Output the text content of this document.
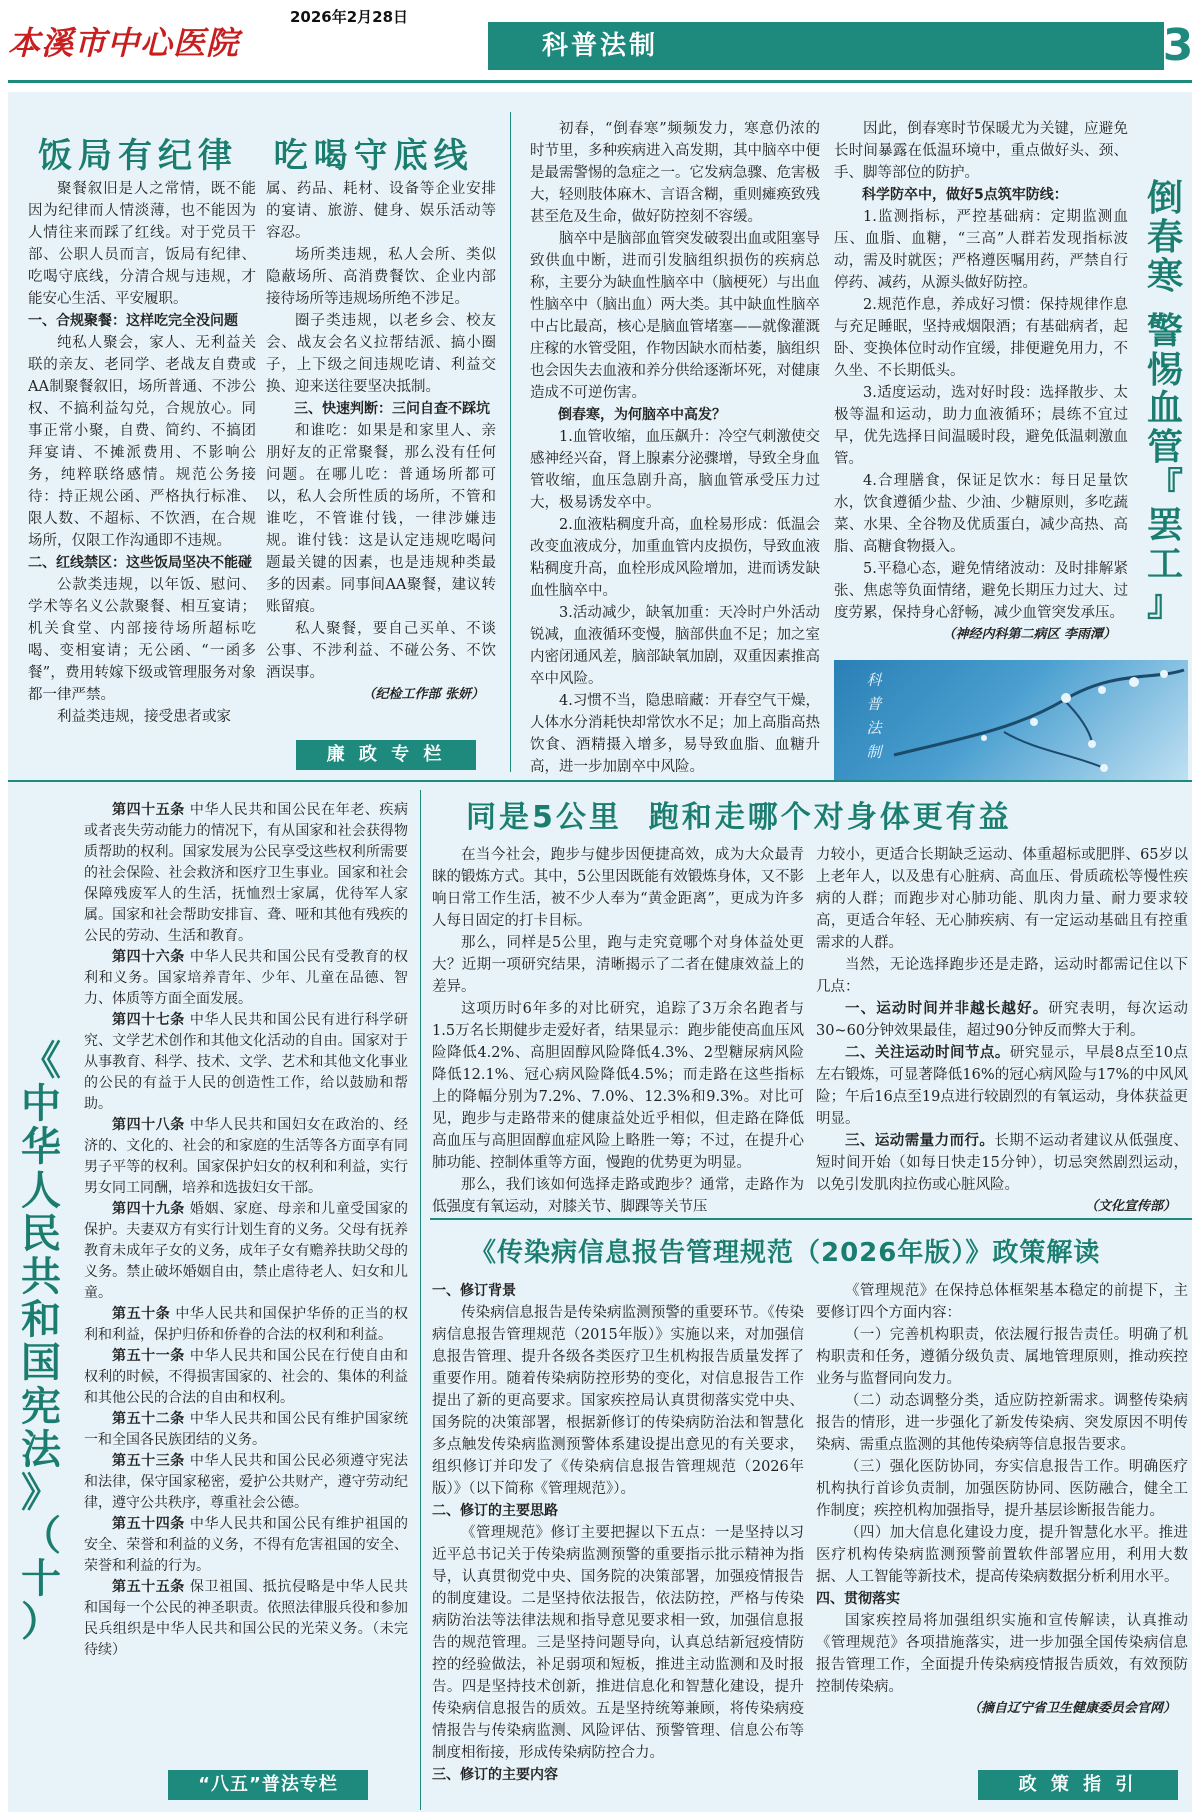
本溪市中心医院
2026年2月28日
科普法制	3
饭局有纪律  吃喝守底线

聚餐叙旧是人之常情，既不能因为纪律而人情淡薄，也不能因为人情往来而踩了红线。对于党员干部、公职人员而言，饭局有纪律、吃喝守底线，分清合规与违规，才能安心生活、平安履职。

一、合规聚餐：这样吃完全没问题

纯私人聚会，家人、无利益关联的亲友、老同学、老战友自费或AA制聚餐叙旧，场所普通、不涉公权、不搞利益勾兑，合规放心。同事正常小聚，自费、简约、不搞团拜宴请、不摊派费用、不影响公务，纯粹联络感情。规范公务接待：持正规公函、严格执行标准、限人数、不超标、不饮酒，在合规场所，仅限工作沟通即不违规。

二、红线禁区：这些饭局坚决不能碰

公款类违规，以年饭、慰问、学术等名义公款聚餐、相互宴请；机关食堂、内部接待场所超标吃喝、变相宴请；无公函、“一函多餐”，费用转嫁下级或管理服务对象都一律严禁。

利益类违规，接受患者或家

属、药品、耗材、设备等企业安排的宴请、旅游、健身、娱乐活动等容忍。

场所类违规，私人会所、类似隐蔽场所、高消费餐饮、企业内部接待场所等违规场所绝不涉足。

圈子类违规，以老乡会、校友会、战友会名义拉帮结派、搞小圈子，上下级之间违规吃请、利益交换、迎来送往要坚决抵制。

三、快速判断：三问自查不踩坑

和谁吃：如果是和家里人、亲朋好友的正常聚餐，那么没有任何问题。在哪儿吃：普通场所都可以，私人会所性质的场所，不管和谁吃，不管谁付钱，一律涉嫌违规。谁付钱：这是认定违规吃喝问题最关键的因素，也是违规种类最多的因素。同事间AA聚餐，建议转账留痕。

私人聚餐，要自己买单、不谈公事、不涉利益、不碰公务、不饮酒误事。

（纪检工作部 张妍）

廉 政 专 栏

初春，“倒春寒”频频发力，寒意仍浓的时节里，多种疾病进入高发期，其中脑卒中便是最需警惕的急症之一。它发病急骤、危害极大，轻则肢体麻木、言语含糊，重则瘫痪致残甚至危及生命，做好防控刻不容缓。

脑卒中是脑部血管突发破裂出血或阻塞导致供血中断，进而引发脑组织损伤的疾病总称，主要分为缺血性脑卒中（脑梗死）与出血性脑卒中（脑出血）两大类。其中缺血性脑卒中占比最高，核心是脑血管堵塞——就像灌溉庄稼的水管受阻，作物因缺水而枯萎，脑组织也会因失去血液和养分供给逐渐坏死，对健康造成不可逆伤害。

倒春寒，为何脑卒中高发？

1.血管收缩，血压飙升：冷空气刺激使交感神经兴奋，肾上腺素分泌骤增，导致全身血管收缩，血压急剧升高，脑血管承受压力过大，极易诱发卒中。

2.血液粘稠度升高，血栓易形成：低温会改变血液成分，加重血管内皮损伤，导致血液粘稠度升高，血栓形成风险增加，进而诱发缺血性脑卒中。

3.活动减少，缺氧加重：天冷时户外活动锐减，血液循环变慢，脑部供血不足；加之室内密闭通风差，脑部缺氧加剧，双重因素推高卒中风险。

4.习惯不当，隐患暗藏：开春空气干燥，人体水分消耗快却常饮水不足；加上高脂高热饮食、酒精摄入增多，易导致血脂、血糖升高，进一步加剧卒中风险。

因此，倒春寒时节保暖尤为关键，应避免长时间暴露在低温环境中，重点做好头、颈、手、脚等部位的防护。

科学防卒中，做好5点筑牢防线：

1.监测指标，严控基础病：定期监测血压、血脂、血糖，“三高”人群若发现指标波动，需及时就医；严格遵医嘱用药，严禁自行停药、减药，从源头做好防控。

2.规范作息，养成好习惯：保持规律作息与充足睡眠，坚持戒烟限酒；有基础病者，起卧、变换体位时动作宜缓，排便避免用力，不久坐、不长期低头。

3.适度运动，选对好时段：选择散步、太极等温和运动，助力血液循环；晨练不宜过早，优先选择日间温暖时段，避免低温刺激血管。

4.合理膳食，保证足饮水：每日足量饮水，饮食遵循少盐、少油、少糖原则，多吃蔬菜、水果、全谷物及优质蛋白，减少高热、高脂、高糖食物摄入。

5.平稳心态，避免情绪波动：及时排解紧张、焦虑等负面情绪，避免长期压力过大、过度劳累，保持身心舒畅，减少血管突发承压。

（神经内科第二病区 李雨潭）

倒
春
寒

警
惕
血
管
『
罢
工
』
科
普
法
制
《
中
华
人
民
共
和
国
宪
法
》
（
十
）

第四十五条 中华人民共和国公民在年老、疾病或者丧失劳动能力的情况下，有从国家和社会获得物质帮助的权利。国家发展为公民享受这些权利所需要的社会保险、社会救济和医疗卫生事业。国家和社会保障残废军人的生活，抚恤烈士家属，优待军人家属。国家和社会帮助安排盲、聋、哑和其他有残疾的公民的劳动、生活和教育。

第四十六条 中华人民共和国公民有受教育的权利和义务。国家培养青年、少年、儿童在品德、智力、体质等方面全面发展。

第四十七条 中华人民共和国公民有进行科学研究、文学艺术创作和其他文化活动的自由。国家对于从事教育、科学、技术、文学、艺术和其他文化事业的公民的有益于人民的创造性工作，给以鼓励和帮助。

第四十八条 中华人民共和国妇女在政治的、经济的、文化的、社会的和家庭的生活等各方面享有同男子平等的权利。国家保护妇女的权利和利益，实行男女同工同酬，培养和选拔妇女干部。

第四十九条 婚姻、家庭、母亲和儿童受国家的保护。夫妻双方有实行计划生育的义务。父母有抚养教育未成年子女的义务，成年子女有赡养扶助父母的义务。禁止破坏婚姻自由，禁止虐待老人、妇女和儿童。

第五十条 中华人民共和国保护华侨的正当的权利和利益，保护归侨和侨眷的合法的权利和利益。

第五十一条 中华人民共和国公民在行使自由和权利的时候，不得损害国家的、社会的、集体的利益和其他公民的合法的自由和权利。

第五十二条 中华人民共和国公民有维护国家统一和全国各民族团结的义务。

第五十三条 中华人民共和国公民必须遵守宪法和法律，保守国家秘密，爱护公共财产，遵守劳动纪律，遵守公共秩序，尊重社会公德。

第五十四条 中华人民共和国公民有维护祖国的安全、荣誉和利益的义务，不得有危害祖国的安全、荣誉和利益的行为。

第五十五条 保卫祖国、抵抗侵略是中华人民共和国每一个公民的神圣职责。依照法律服兵役和参加民兵组织是中华人民共和国公民的光荣义务。（未完待续）

“八五”普法专栏
同是5公里  跑和走哪个对身体更有益

在当今社会，跑步与健步因便捷高效，成为大众最青睐的锻炼方式。其中，5公里因既能有效锻炼身体，又不影响日常工作生活，被不少人奉为“黄金距离”，更成为许多人每日固定的打卡目标。

那么，同样是5公里，跑与走究竟哪个对身体益处更大？近期一项研究结果，清晰揭示了二者在健康效益上的差异。

这项历时6年多的对比研究，追踪了3万余名跑者与1.5万名长期健步走爱好者，结果显示：跑步能使高血压风险降低4.2%、高胆固醇风险降低4.3%、2型糖尿病风险降低12.1%、冠心病风险降低4.5%；而走路在这些指标上的降幅分别为7.2%、7.0%、12.3%和9.3%。对比可见，跑步与走路带来的健康益处近乎相似，但走路在降低高血压与高胆固醇血症风险上略胜一筹；不过，在提升心肺功能、控制体重等方面，慢跑的优势更为明显。

那么，我们该如何选择走路或跑步？通常，走路作为低强度有氧运动，对膝关节、脚踝等关节压

力较小，更适合长期缺乏运动、体重超标或肥胖、65岁以上老年人，以及患有心脏病、高血压、骨质疏松等慢性疾病的人群；而跑步对心肺功能、肌肉力量、耐力要求较高，更适合年轻、无心肺疾病、有一定运动基础且有控重需求的人群。

当然，无论选择跑步还是走路，运动时都需记住以下几点：

一、运动时间并非越长越好。研究表明，每次运动30~60分钟效果最佳，超过90分钟反而弊大于利。

二、关注运动时间节点。研究显示，早晨8点至10点左右锻炼，可显著降低16%的冠心病风险与17%的中风风险；午后16点至19点进行较剧烈的有氧运动，身体获益更明显。

三、运动需量力而行。长期不运动者建议从低强度、短时间开始（如每日快走15分钟），切忌突然剧烈运动，以免引发肌肉拉伤或心脏风险。

（文化宣传部）

《传染病信息报告管理规范（2026年版）》政策解读

一、修订背景

传染病信息报告是传染病监测预警的重要环节。《传染病信息报告管理规范（2015年版）》实施以来，对加强信息报告管理、提升各级各类医疗卫生机构报告质量发挥了重要作用。随着传染病防控形势的变化，对信息报告工作提出了新的更高要求。国家疾控局认真贯彻落实党中央、国务院的决策部署，根据新修订的传染病防治法和智慧化多点触发传染病监测预警体系建设提出意见的有关要求，组织修订并印发了《传染病信息报告管理规范（2026年版）》（以下简称《管理规范》）。

二、修订的主要思路

《管理规范》修订主要把握以下五点：一是坚持以习近平总书记关于传染病监测预警的重要指示批示精神为指导，认真贯彻党中央、国务院的决策部署，加强疫情报告的制度建设。二是坚持依法报告，依法防控，严格与传染病防治法等法律法规和指导意见要求相一致，加强信息报告的规范管理。三是坚持问题导向，认真总结新冠疫情防控的经验做法，补足弱项和短板，推进主动监测和及时报告。四是坚持技术创新，推进信息化和智慧化建设，提升传染病信息报告的质效。五是坚持统筹兼顾，将传染病疫情报告与传染病监测、风险评估、预警管理、信息公布等制度相衔接，形成传染病防控合力。

三、修订的主要内容

《管理规范》在保持总体框架基本稳定的前提下，主要修订四个方面内容：

（一）完善机构职责，依法履行报告责任。明确了机构职责和任务，遵循分级负责、属地管理原则，推动疾控业务与监督同向发力。

（二）动态调整分类，适应防控新需求。调整传染病报告的情形，进一步强化了新发传染病、突发原因不明传染病、需重点监测的其他传染病等信息报告要求。

（三）强化医防协同，夯实信息报告工作。明确医疗机构执行首诊负责制，加强医防协同、医防融合，健全工作制度；疾控机构加强指导，提升基层诊断报告能力。

（四）加大信息化建设力度，提升智慧化水平。推进医疗机构传染病监测预警前置软件部署应用，利用大数据、人工智能等新技术，提高传染病数据分析利用水平。

四、贯彻落实

国家疾控局将加强组织实施和宣传解读，认真推动《管理规范》各项措施落实，进一步加强全国传染病信息报告管理工作，全面提升传染病疫情报告质效，有效预防控制传染病。

（摘自辽宁省卫生健康委员会官网）

政 策 指 引
